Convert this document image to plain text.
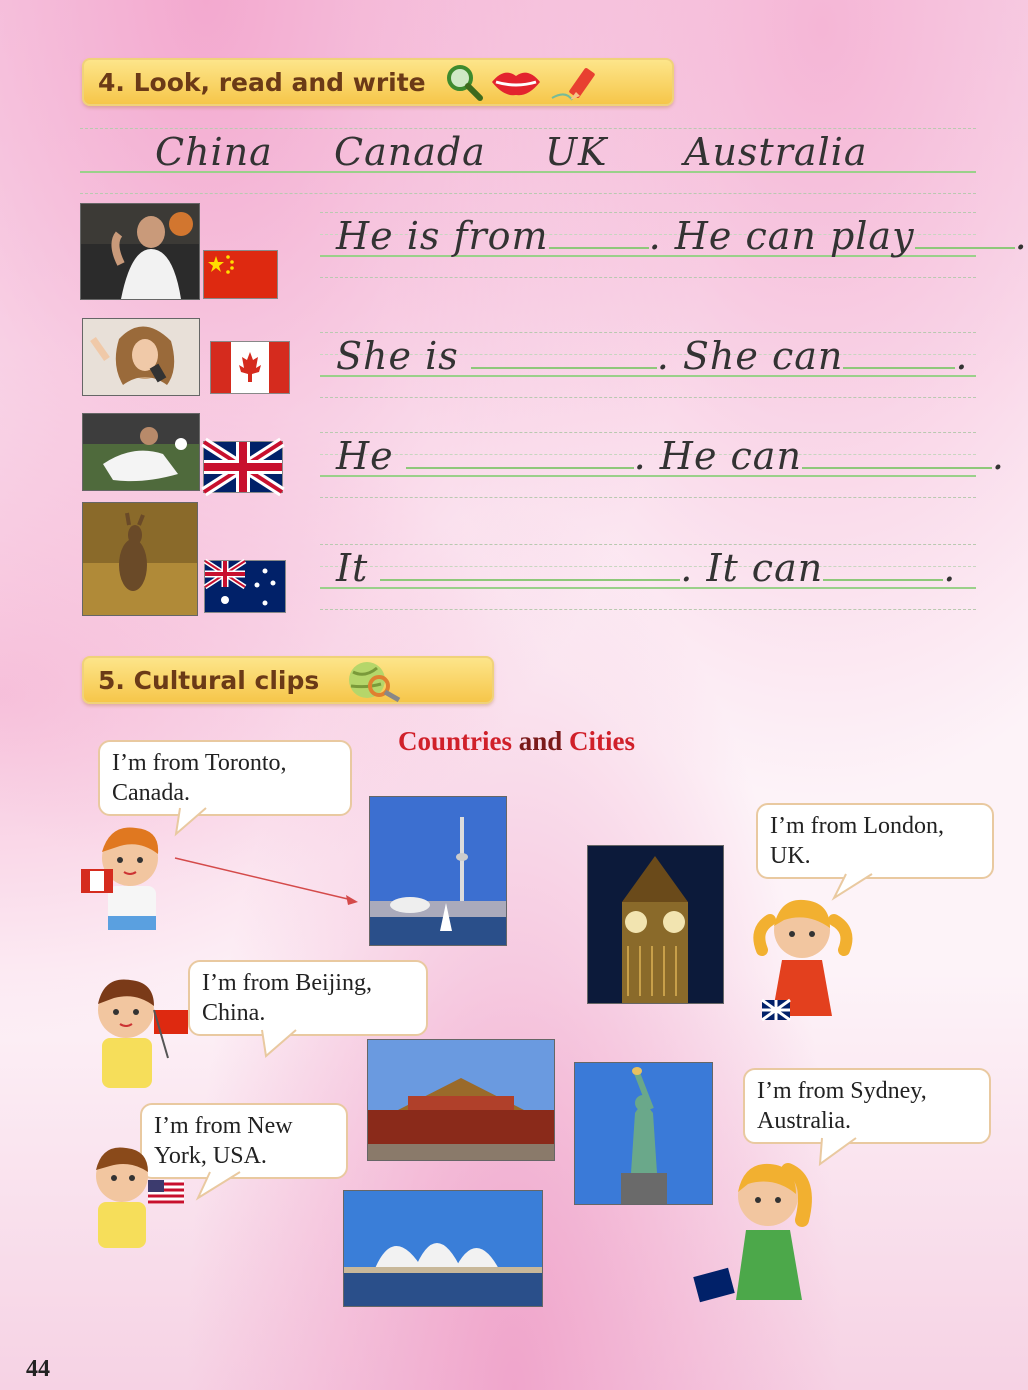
4. Look, read and write
China Canada UK Australia
He is from	. He can play	.
She is	. She can	.
He	. He can	.
It	. It can	.
5. Cultural clips
Countries and Cities
I’m from Toronto,
Canada.
I’m from Beijing,
China.
I’m from New
York, USA.
I’m from London,
UK.
I’m from Sydney,
Australia.
44
